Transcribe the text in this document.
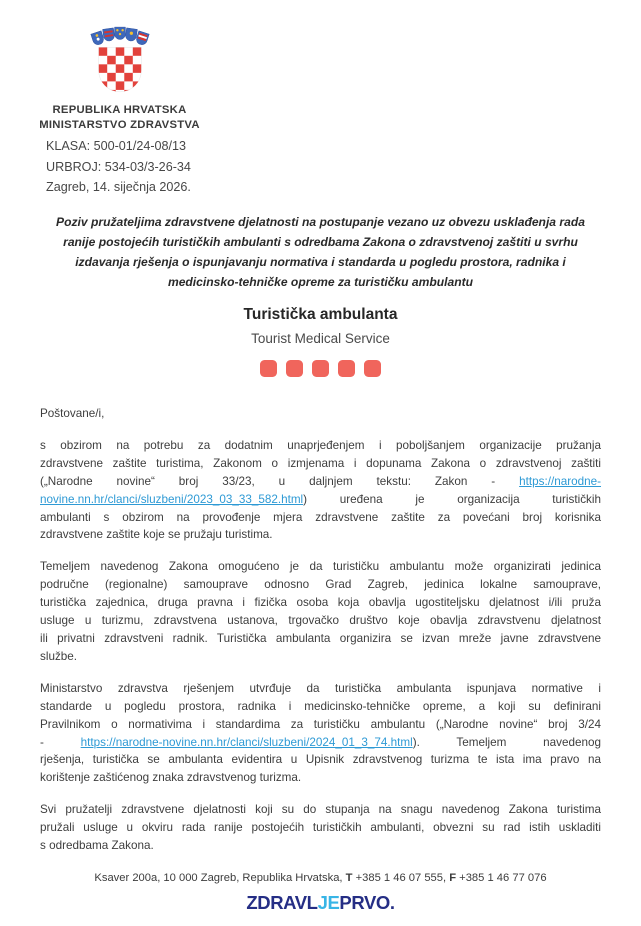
REPUBLIKA HRVATSKA
MINISTARSTVO ZDRAVSTVA
KLASA: 500-01/24-08/13
URBROJ: 534-03/3-26-34
Zagreb, 14. siječnja 2026.
Poziv pružateljima zdravstvene djelatnosti na postupanje vezano uz obvezu usklađenja rada
ranije postojećih turističkih ambulanti s odredbama Zakona o zdravstvenoj zaštiti u svrhu
izdavanja rješenja o ispunjavanju normativa i standarda u pogledu prostora, radnika i
medicinsko-tehničke opreme za turističku ambulantu
Turistička ambulanta
Tourist Medical Service

Poštovane/i,

s obzirom na potrebu za dodatnim unaprjeđenjem i poboljšanjem organizacije pružanja
zdravstvene zaštite turistima, Zakonom o izmjenama i dopunama Zakona o zdravstvenoj zaštiti
(„Narodne novine“ broj 33/23, u daljnjem tekstu: Zakon - https://narodne-
novine.nn.hr/clanci/sluzbeni/2023_03_33_582.html) uređena je organizacija turističkih
ambulanti s obzirom na provođenje mjera zdravstvene zaštite za povećani broj korisnika
zdravstvene zaštite koje se pružaju turistima.
Temeljem navedenog Zakona omogućeno je da turističku ambulantu može organizirati jedinica
područne (regionalne) samouprave odnosno Grad Zagreb, jedinica lokalne samouprave,
turistička zajednica, druga pravna i fizička osoba koja obavlja ugostiteljsku djelatnost i/ili pruža
usluge u turizmu, zdravstvena ustanova, trgovačko društvo koje obavlja zdravstvenu djelatnost
ili privatni zdravstveni radnik. Turistička ambulanta organizira se izvan mreže javne zdravstvene
službe.
Ministarstvo zdravstva rješenjem utvrđuje da turistička ambulanta ispunjava normative i
standarde u pogledu prostora, radnika i medicinsko-tehničke opreme, a koji su definirani
Pravilnikom o normativima i standardima za turističku ambulantu („Narodne novine“ broj 3/24
- https://narodne-novine.nn.hr/clanci/sluzbeni/2024_01_3_74.html). Temeljem navedenog
rješenja, turistička se ambulanta evidentira u Upisnik zdravstvenog turizma te ista ima pravo na
korištenje zaštićenog znaka zdravstvenog turizma.
Svi pružatelji zdravstvene djelatnosti koji su do stupanja na snagu navedenog Zakona turistima
pružali usluge u okviru rada ranije postojećih turističkih ambulanti, obvezni su rad istih uskladiti
s odredbama Zakona.
Ksaver 200a, 10 000 Zagreb, Republika Hrvatska, T +385 1 46 07 555, F +385 1 46 77 076
ZDRAVLJEPRVO.
